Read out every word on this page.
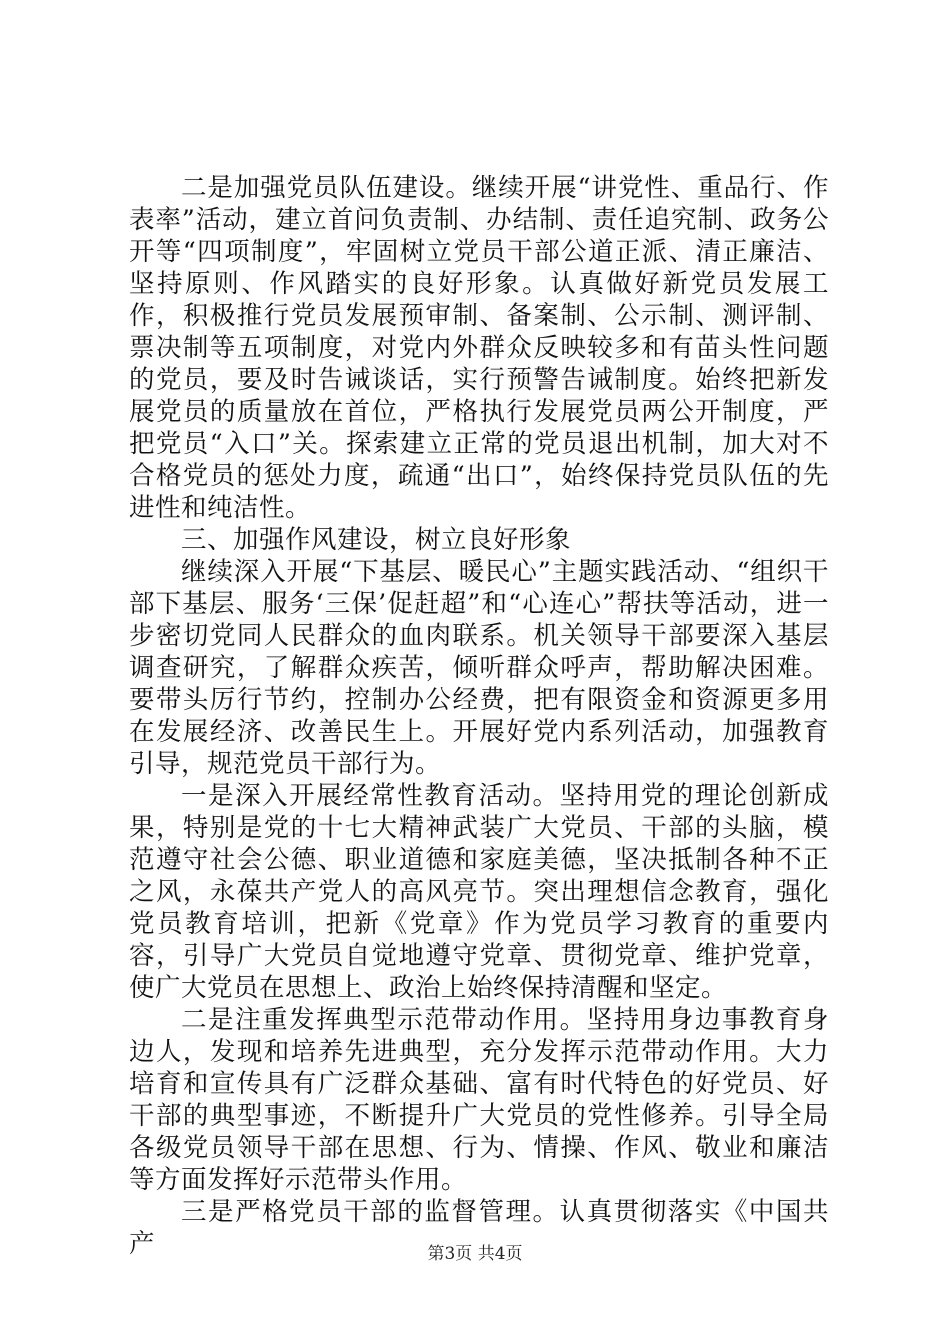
二是加强党员队伍建设。继续开展“讲党性、重品行、作表率”活动，建立首问负责制、办结制、责任追究制、政务公开等“四项制度”，牢固树立党员干部公道正派、清正廉洁、坚持原则、作风踏实的良好形象。认真做好新党员发展工作，积极推行党员发展预审制、备案制、公示制、测评制、票决制等五项制度，对党内外群众反映较多和有苗头性问题的党员，要及时告诫谈话，实行预警告诫制度。始终把新发展党员的质量放在首位，严格执行发展党员两公开制度，严把党员“入口”关。探索建立正常的党员退出机制，加大对不合格党员的惩处力度，疏通“出口”，始终保持党员队伍的先进性和纯洁性。

三、加强作风建设，树立良好形象

继续深入开展“下基层、暖民心”主题实践活动、“组织干部下基层、服务‘三保’促赶超”和“心连心”帮扶等活动，进一步密切党同人民群众的血肉联系。机关领导干部要深入基层调查研究，了解群众疾苦，倾听群众呼声，帮助解决困难。要带头厉行节约，控制办公经费，把有限资金和资源更多用在发展经济、改善民生上。开展好党内系列活动，加强教育引导，规范党员干部行为。

一是深入开展经常性教育活动。坚持用党的理论创新成果，特别是党的十七大精神武装广大党员、干部的头脑，模范遵守社会公德、职业道德和家庭美德，坚决抵制各种不正之风，永葆共产党人的高风亮节。突出理想信念教育，强化党员教育培训，把新《党章》作为党员学习教育的重要内容，引导广大党员自觉地遵守党章、贯彻党章、维护党章，使广大党员在思想上、政治上始终保持清醒和坚定。

二是注重发挥典型示范带动作用。坚持用身边事教育身边人，发现和培养先进典型，充分发挥示范带动作用。大力培育和宣传具有广泛群众基础、富有时代特色的好党员、好干部的典型事迹，不断提升广大党员的党性修养。引导全局各级党员领导干部在思想、行为、情操、作风、敬业和廉洁等方面发挥好示范带头作用。

三是严格党员干部的监督管理。认真贯彻落实《中国共产	第3页 共4页
